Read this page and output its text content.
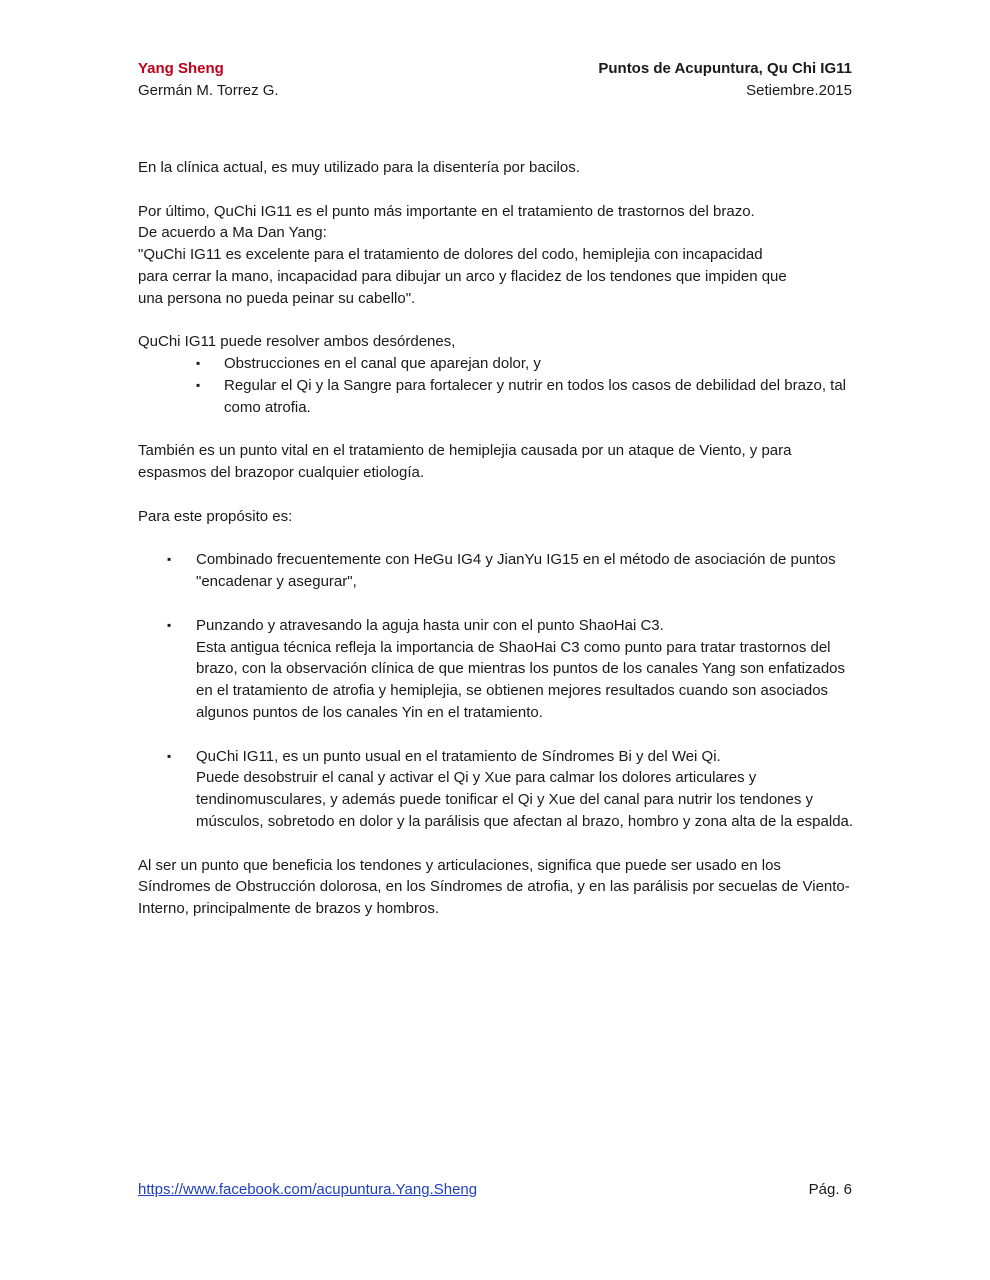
Yang Sheng	Puntos de Acupuntura, Qu Chi IG11
Germán M. Torrez G.	Setiembre.2015

En la clínica actual, es muy utilizado para la disentería por bacilos.

Por último, QuChi IG11 es el punto más importante en el tratamiento de trastornos del brazo.

De acuerdo a Ma Dan Yang:

"QuChi IG11 es excelente para el tratamiento de dolores del codo, hemiplejia con incapacidad

para cerrar la mano, incapacidad para dibujar un arco y flacidez de los tendones que impiden que

una persona no pueda peinar su cabello".

QuChi IG11 puede resolver ambos desórdenes,

▪ Obstrucciones en el canal que aparejan dolor, y
▪ Regular el Qi y la Sangre para fortalecer y nutrir en todos los casos de debilidad del brazo, tal como atrofia.

También es un punto vital en el tratamiento de hemiplejia causada por un ataque de Viento, y para espasmos del brazopor cualquier etiología.

Para este propósito es:

▪ Combinado frecuentemente con HeGu IG4 y JianYu IG15 en el método de asociación de puntos "encadenar y asegurar",
▪ Punzando y atravesando la aguja hasta unir con el punto ShaoHai C3.
Esta antigua técnica refleja la importancia de ShaoHai C3 como punto para tratar trastornos del brazo, con la observación clínica de que mientras los puntos de los canales Yang son enfatizados en el tratamiento de atrofia y hemiplejia, se obtienen mejores resultados cuando son asociados algunos puntos de los canales Yin en el tratamiento.
▪ QuChi IG11, es un punto usual en el tratamiento de Síndromes Bi y del Wei Qi.
Puede desobstruir el canal y activar el Qi y Xue para calmar los dolores articulares y tendinomusculares, y además puede tonificar el Qi y Xue del canal para nutrir los tendones y músculos, sobretodo en dolor y la parálisis que afectan al brazo, hombro y zona alta de la espalda.

Al ser un punto que beneficia los tendones y articulaciones, significa que puede ser usado en los Síndromes de Obstrucción dolorosa, en los Síndromes de atrofia, y en las parálisis por secuelas de Viento-Interno, principalmente de brazos y hombros.

https://www.facebook.com/acupuntura.Yang.Sheng	Pág. 6
